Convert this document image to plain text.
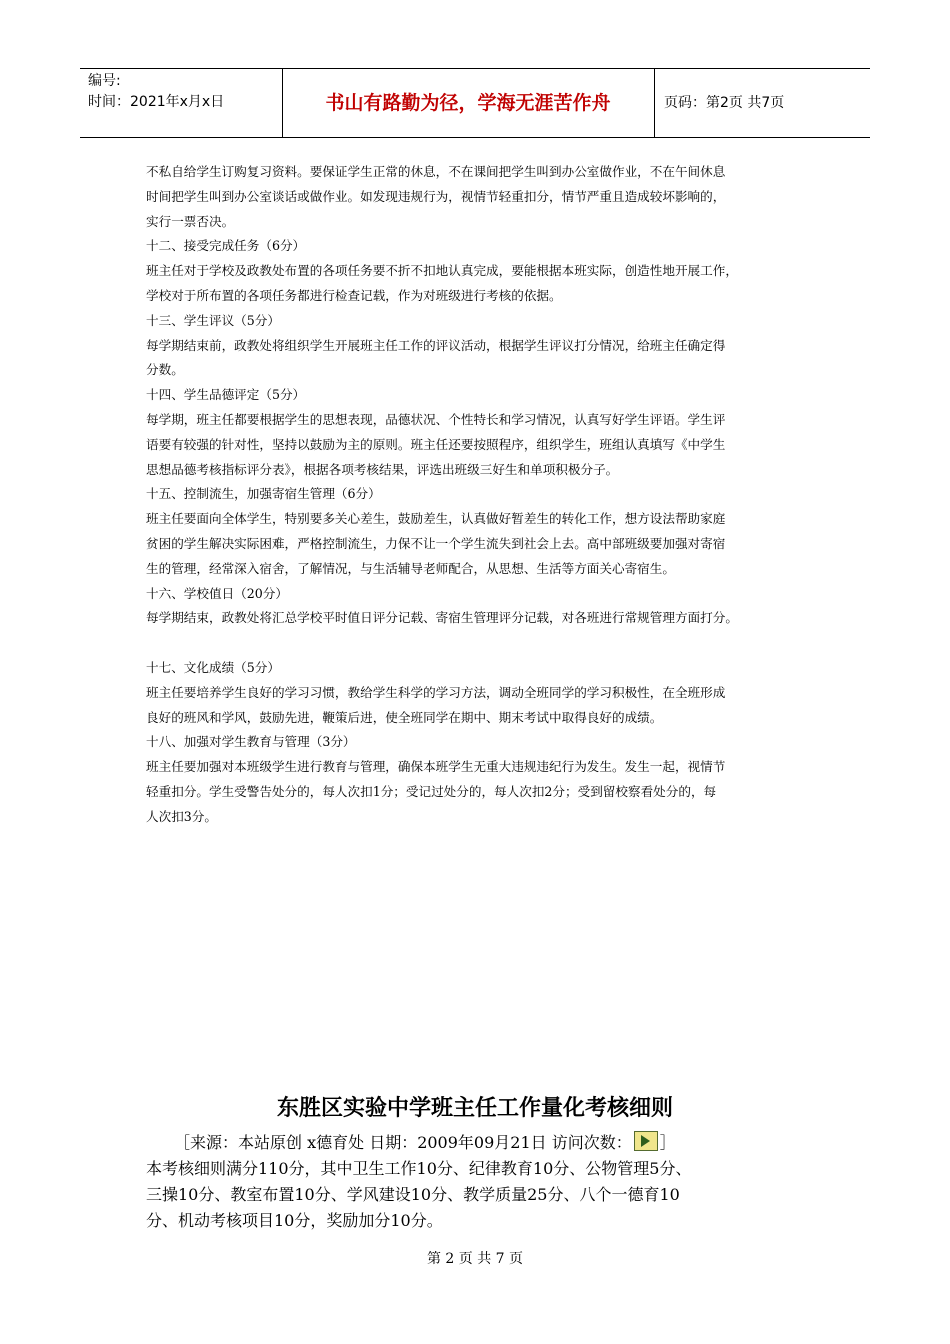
编号:
时间：2021年x月x日	书山有路勤为径，学海无涯苦作舟	页码：第2页 共7页

不私自给学生订购复习资料。要保证学生正常的休息，不在课间把学生叫到办公室做作业，不在午间休息

时间把学生叫到办公室谈话或做作业。如发现违规行为，视情节轻重扣分，情节严重且造成较坏影响的，

实行一票否决。

十二、接受完成任务（6分）

班主任对于学校及政教处布置的各项任务要不折不扣地认真完成，要能根据本班实际，创造性地开展工作，

学校对于所布置的各项任务都进行检查记载，作为对班级进行考核的依据。

十三、学生评议（5分）

每学期结束前，政教处将组织学生开展班主任工作的评议活动，根据学生评议打分情况，给班主任确定得

分数。

十四、学生品德评定（5分）

每学期，班主任都要根据学生的思想表现，品德状况、个性特长和学习情况，认真写好学生评语。学生评

语要有较强的针对性，坚持以鼓励为主的原则。班主任还要按照程序，组织学生，班组认真填写《中学生

思想品德考核指标评分表》，根据各项考核结果，评选出班级三好生和单项积极分子。

十五、控制流生，加强寄宿生管理（6分）

班主任要面向全体学生，特别要多关心差生，鼓励差生，认真做好暂差生的转化工作，想方设法帮助家庭

贫困的学生解决实际困难，严格控制流生，力保不让一个学生流失到社会上去。高中部班级要加强对寄宿

生的管理，经常深入宿舍，了解情况，与生活辅导老师配合，从思想、生活等方面关心寄宿生。

十六、学校值日（20分）

每学期结束，政教处将汇总学校平时值日评分记载、寄宿生管理评分记载，对各班进行常规管理方面打分。

十七、文化成绩（5分）

班主任要培养学生良好的学习习惯，教给学生科学的学习方法，调动全班同学的学习积极性，在全班形成

良好的班风和学风，鼓励先进，鞭策后进，使全班同学在期中、期末考试中取得良好的成绩。

十八、加强对学生教育与管理（3分）

班主任要加强对本班级学生进行教育与管理，确保本班学生无重大违规违纪行为发生。发生一起，视情节

轻重扣分。学生受警告处分的，每人次扣1分；受记过处分的，每人次扣2分；受到留校察看处分的，每

人次扣3分。

东胜区实验中学班主任工作量化考核细则
［来源：本站原创 x德育处 日期：2009年09月21日 访问次数： ］

本考核细则满分110分，其中卫生工作10分、纪律教育10分、公物管理5分、

三操10分、教室布置10分、学风建设10分、教学质量25分、八个一德育10

分、机动考核项目10分，奖励加分10分。

第 2 页 共 7 页
